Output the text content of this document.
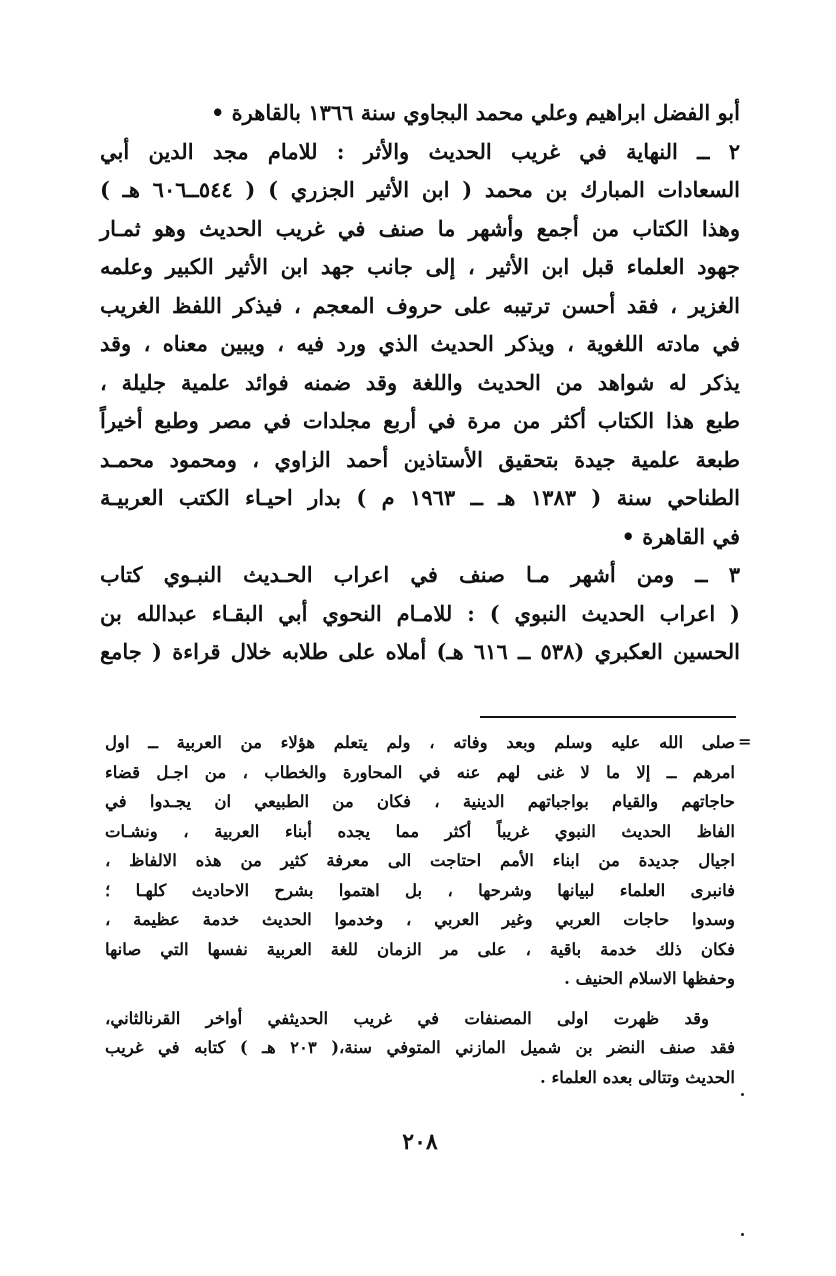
أبو الفضل ابراهيم وعلي محمد البجاوي سنة ١٣٦٦ بالقاهرة •
٢ ــ النهاية في غريب الحديث والأثر : للامام مجد الدين أبي
السعادات المبارك بن محمد ( ابن الأثير الجزري ) ( ٥٤٤ــ٦٠٦ هـ )
وهذا الكتاب من أجمع وأشهر ما صنف في غريب الحديث وهو ثمـار
جهود العلماء قبل ابن الأثير ، إلى جانب جهد ابن الأثير الكبير وعلمه
الغزير ، فقد أحسن ترتيبه على حروف المعجم ، فيذكر اللفظ الغريب
في مادته اللغوية ، ويذكر الحديث الذي ورد فيه ، ويبين معناه ، وقد
يذكر له شواهد من الحديث واللغة وقد ضمنه فوائد علمية جليلة ،
طبع هذا الكتاب أكثر من مرة في أربع مجلدات في مصر وطبع أخيراً
طبعة علمية جيدة بتحقيق الأستاذين أحمد الزاوي ، ومحمود محمـد
الطناحي سنة ( ١٣٨٣ هـ ــ ١٩٦٣ م ) بدار احيـاء الكتب العربيـة
في القاهرة •
٣ ــ ومن أشهر مـا صنف في اعراب الحـديث النبـوي كتاب
( اعراب الحديث النبوي ) : للامـام النحوي أبي البقـاء عبدالله بن
الحسين العكبري (٥٣٨ ــ ٦١٦ هـ) أملاه على طلابه خلال قراءة ( جامع
=
صلى الله عليه وسلم وبعد وفاته ، ولم يتعلم هؤلاء من العربية ــ اول
امرهم ــ إلا ما لا غنى لهم عنه في المحاورة والخطاب ، من اجـل قضاء
حاجاتهم والقيام بواجباتهم الدينية ، فكان من الطبيعي ان يجـدوا في
الفاظ الحديث النبوي غريباً أكثر مما يجده أبناء العربية ، ونشـات
اجيال جديدة من ابناء الأمم احتاجت الى معرفة كثير من هذه الالفاظ ،
فانبرى العلماء لبيانها وشرحها ، بل اهتموا بشرح الاحاديث كلهـا ؛
وسدوا حاجات العربي وغير العربي ، وخدموا الحديث خدمة عظيمة ،
فكان ذلك خدمة باقية ، على مر الزمان للغة العربية نفسها التي صانها
وحفظها الاسلام الحنيف .
وقد ظهرت اولى المصنفات في غريب الحديثفي أواخر القرنالثاني،
فقد صنف النضر بن شميل المازني المتوفي سنة،( ٢٠٣ هـ ) كتابه في غريب
الحديث وتتالى بعده العلماء .
٢٠٨
